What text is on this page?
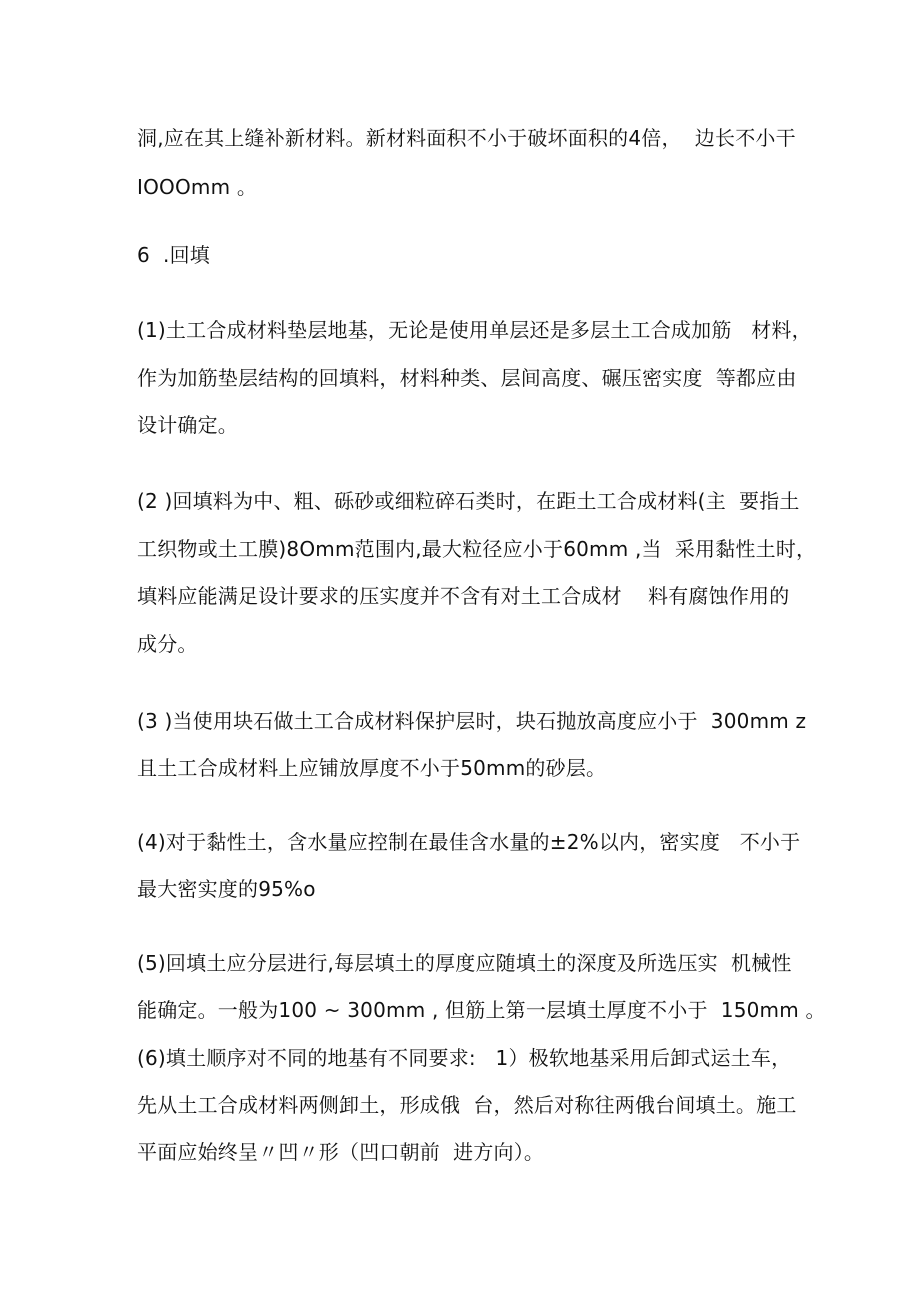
洞,应在其上缝补新材料。新材料面积不小于破坏面积的4倍，  边长不小干
IOOOmm 。
6  .回填
(1)土工合成材料垫层地基，无论是使用单层还是多层土工合成加筋   材料，
作为加筋垫层结构的回填料，材料种类、层间高度、碾压密实度  等都应由
设计确定。
(2 )回填料为中、粗、砾砂或细粒碎石类时，在距土工合成材料(主  要指土
工织物或土工膜)8Omm范围内,最大粒径应小于60mm ,当  采用黏性土时，
填料应能满足设计要求的压实度并不含有对土工合成材    料有腐蚀作用的
成分。
(3 )当使用块石做土工合成材料保护层时，块石抛放高度应小于  300mm z
且土工合成材料上应铺放厚度不小于50mm的砂层。
(4)对于黏性土，含水量应控制在最佳含水量的±2%以内，密实度   不小于
最大密实度的95%o
(5)回填土应分层进行,每层填土的厚度应随填土的深度及所选压实  机械性
能确定。一般为100 ~ 300mm , 但筋上第一层填土厚度不小于  150mm 。
(6)填土顺序对不同的地基有不同要求:   1）极软地基采用后卸式运土车，
先从土工合成材料两侧卸土，形成俄  台，然后对称往两俄台间填土。施工
平面应始终呈〃凹〃形（凹口朝前  进方向）。
